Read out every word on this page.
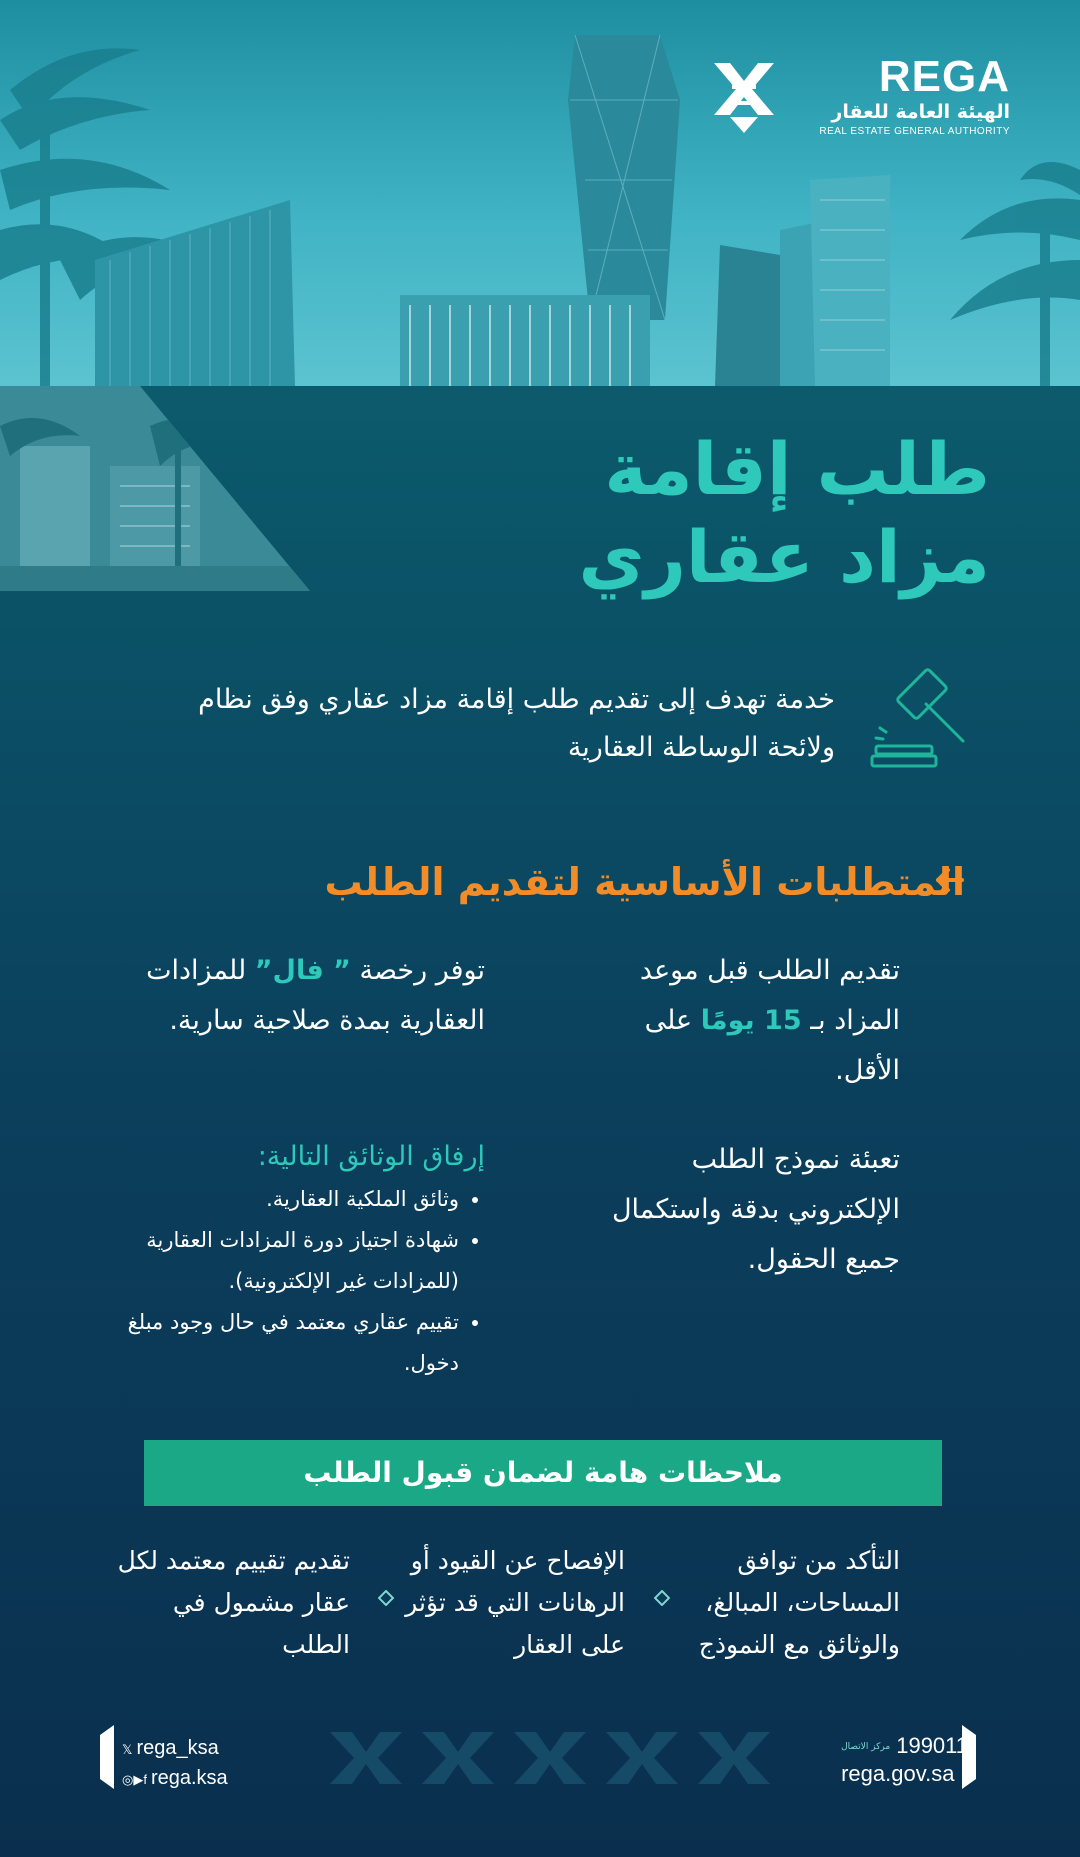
REGA
الهيئة العامة للعقار
REAL ESTATE GENERAL AUTHORITY
طلب إقامة
مزاد عقاري
خدمة تهدف إلى تقديم طلب إقامة مزاد عقاري وفق نظام
ولائحة الوساطة العقارية
المتطلبات الأساسية لتقديم الطلب
تقديم الطلب قبل موعد المزاد بـ 15 يومًا على الأقل.
توفر رخصة ” فال” للمزادات العقارية بمدة صلاحية سارية.
تعبئة نموذج الطلب الإلكتروني بدقة واستكمال جميع الحقول.
إرفاق الوثائق التالية:
• وثائق الملكية العقارية.
• شهادة اجتياز دورة المزادات العقارية (للمزادات غير الإلكترونية).
• تقييم عقاري معتمد في حال وجود مبلغ دخول.
ملاحظات هامة لضمان قبول الطلب
التأكد من توافق المساحات، المبالغ، والوثائق مع النموذج
الإفصاح عن القيود أو الرهانات التي قد تؤثر على العقار
تقديم تقييم معتمد لكل عقار مشمول في الطلب
مركز الاتصال 199011
rega.gov.sa
𝕏 rega_ksa
◎▶f rega.ksa
